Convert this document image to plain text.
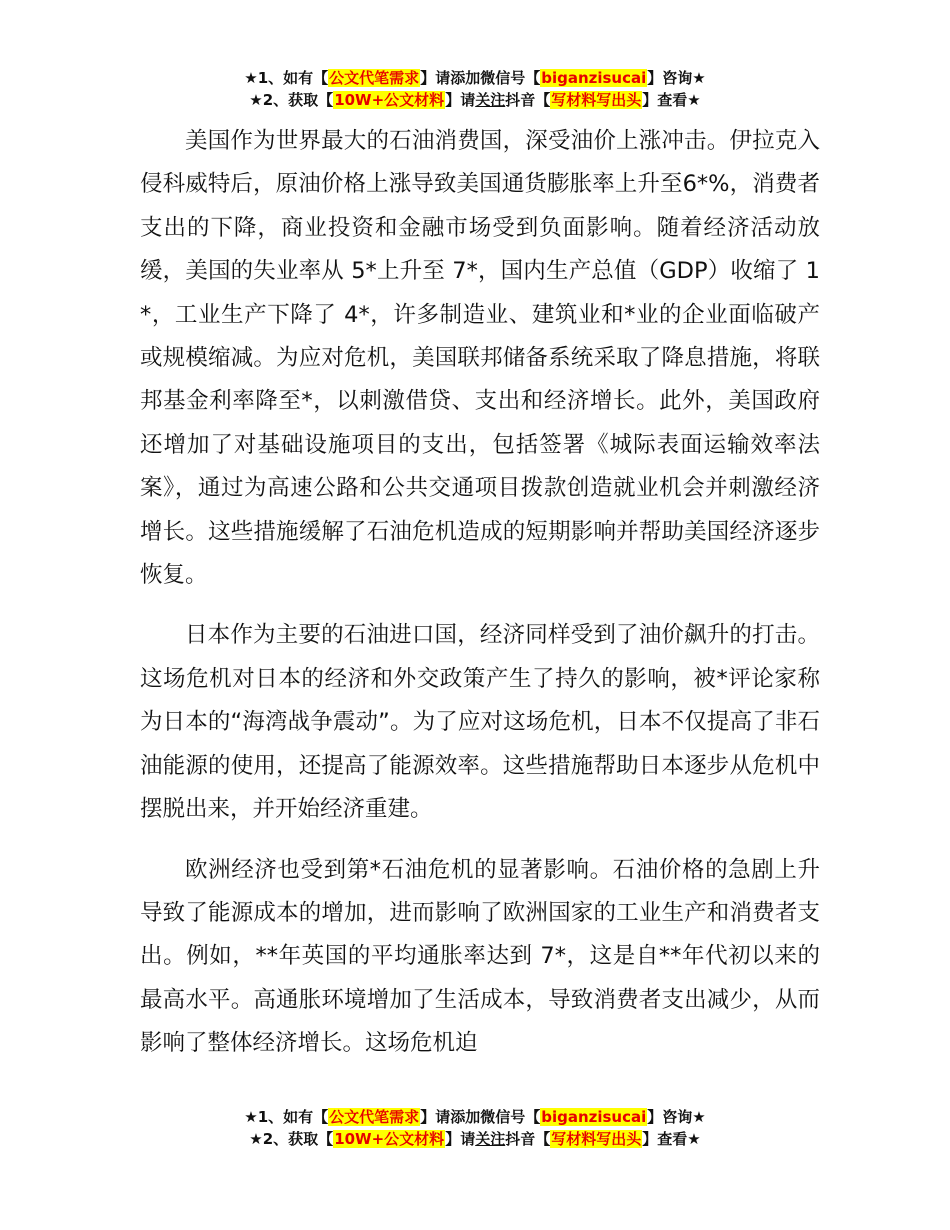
★1、如有【公文代笔需求】请添加微信号【biganzisucai】咨询★
★2、获取【10W+公文材料】请关注抖音【写材料写出头】查看★

美国作为世界最大的石油消费国，深受油价上涨冲击。伊拉克入侵科威特后，原油价格上涨导致美国通货膨胀率上升至6*%，消费者支出的下降，商业投资和金融市场受到负面影响。随着经济活动放缓，美国的失业率从 5*上升至 7*，国内生产总值（GDP）收缩了 1*，工业生产下降了 4*，许多制造业、建筑业和*业的企业面临破产或规模缩减。为应对危机，美国联邦储备系统采取了降息措施，将联邦基金利率降至*，以刺激借贷、支出和经济增长。此外，美国政府还增加了对基础设施项目的支出，包括签署《城际表面运输效率法案》，通过为高速公路和公共交通项目拨款创造就业机会并刺激经济增长。这些措施缓解了石油危机造成的短期影响并帮助美国经济逐步恢复。

日本作为主要的石油进口国，经济同样受到了油价飙升的打击。这场危机对日本的经济和外交政策产生了持久的影响，被*评论家称为日本的“海湾战争震动”。为了应对这场危机，日本不仅提高了非石油能源的使用，还提高了能源效率。这些措施帮助日本逐步从危机中摆脱出来，并开始经济重建。

欧洲经济也受到第*石油危机的显著影响。石油价格的急剧上升导致了能源成本的增加，进而影响了欧洲国家的工业生产和消费者支出。例如，**年英国的平均通胀率达到 7*，这是自**年代初以来的最高水平。高通胀环境增加了生活成本，导致消费者支出减少，从而影响了整体经济增长。这场危机迫

★1、如有【公文代笔需求】请添加微信号【biganzisucai】咨询★
★2、获取【10W+公文材料】请关注抖音【写材料写出头】查看★
